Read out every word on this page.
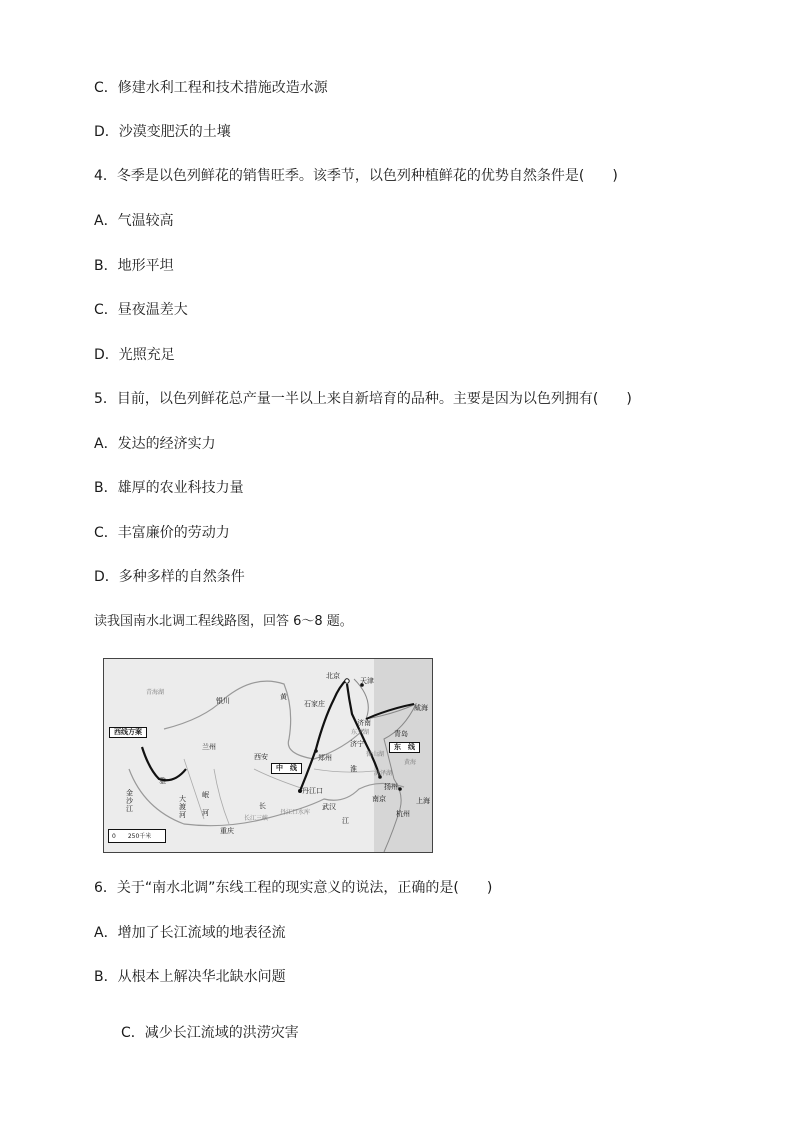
C．修建水利工程和技术措施改造水源
D．沙漠变肥沃的土壤
4．冬季是以色列鲜花的销售旺季。该季节，以色列种植鲜花的优势自然条件是(　　)
A．气温较高
B．地形平坦
C．昼夜温差大
D．光照充足
5．目前，以色列鲜花总产量一半以上来自新培育的品种。主要是因为以色列拥有(　　)
A．发达的经济实力
B．雄厚的农业科技力量
C．丰富廉价的劳动力
D．多种多样的自然条件
读我国南水北调工程线路图，回答 6～8 题。
西线方案
中　线
东　线
北京
天津
石家庄
济南
济宁
郑州
西安
兰州
银川
青岛
威海
扬州
南京	上海
杭州
武汉
重庆
丹江口
青海湖
东平湖
微山湖
洪泽湖
丹江口水库
长江三峡
黄
长
金沙江
雅
大渡河
岷
河
江
淮
黄海
0　　250千米
6．关于“南水北调”东线工程的现实意义的说法，正确的是(　　)
A．增加了长江流域的地表径流
B．从根本上解决华北缺水问题
C．减少长江流域的洪涝灾害
